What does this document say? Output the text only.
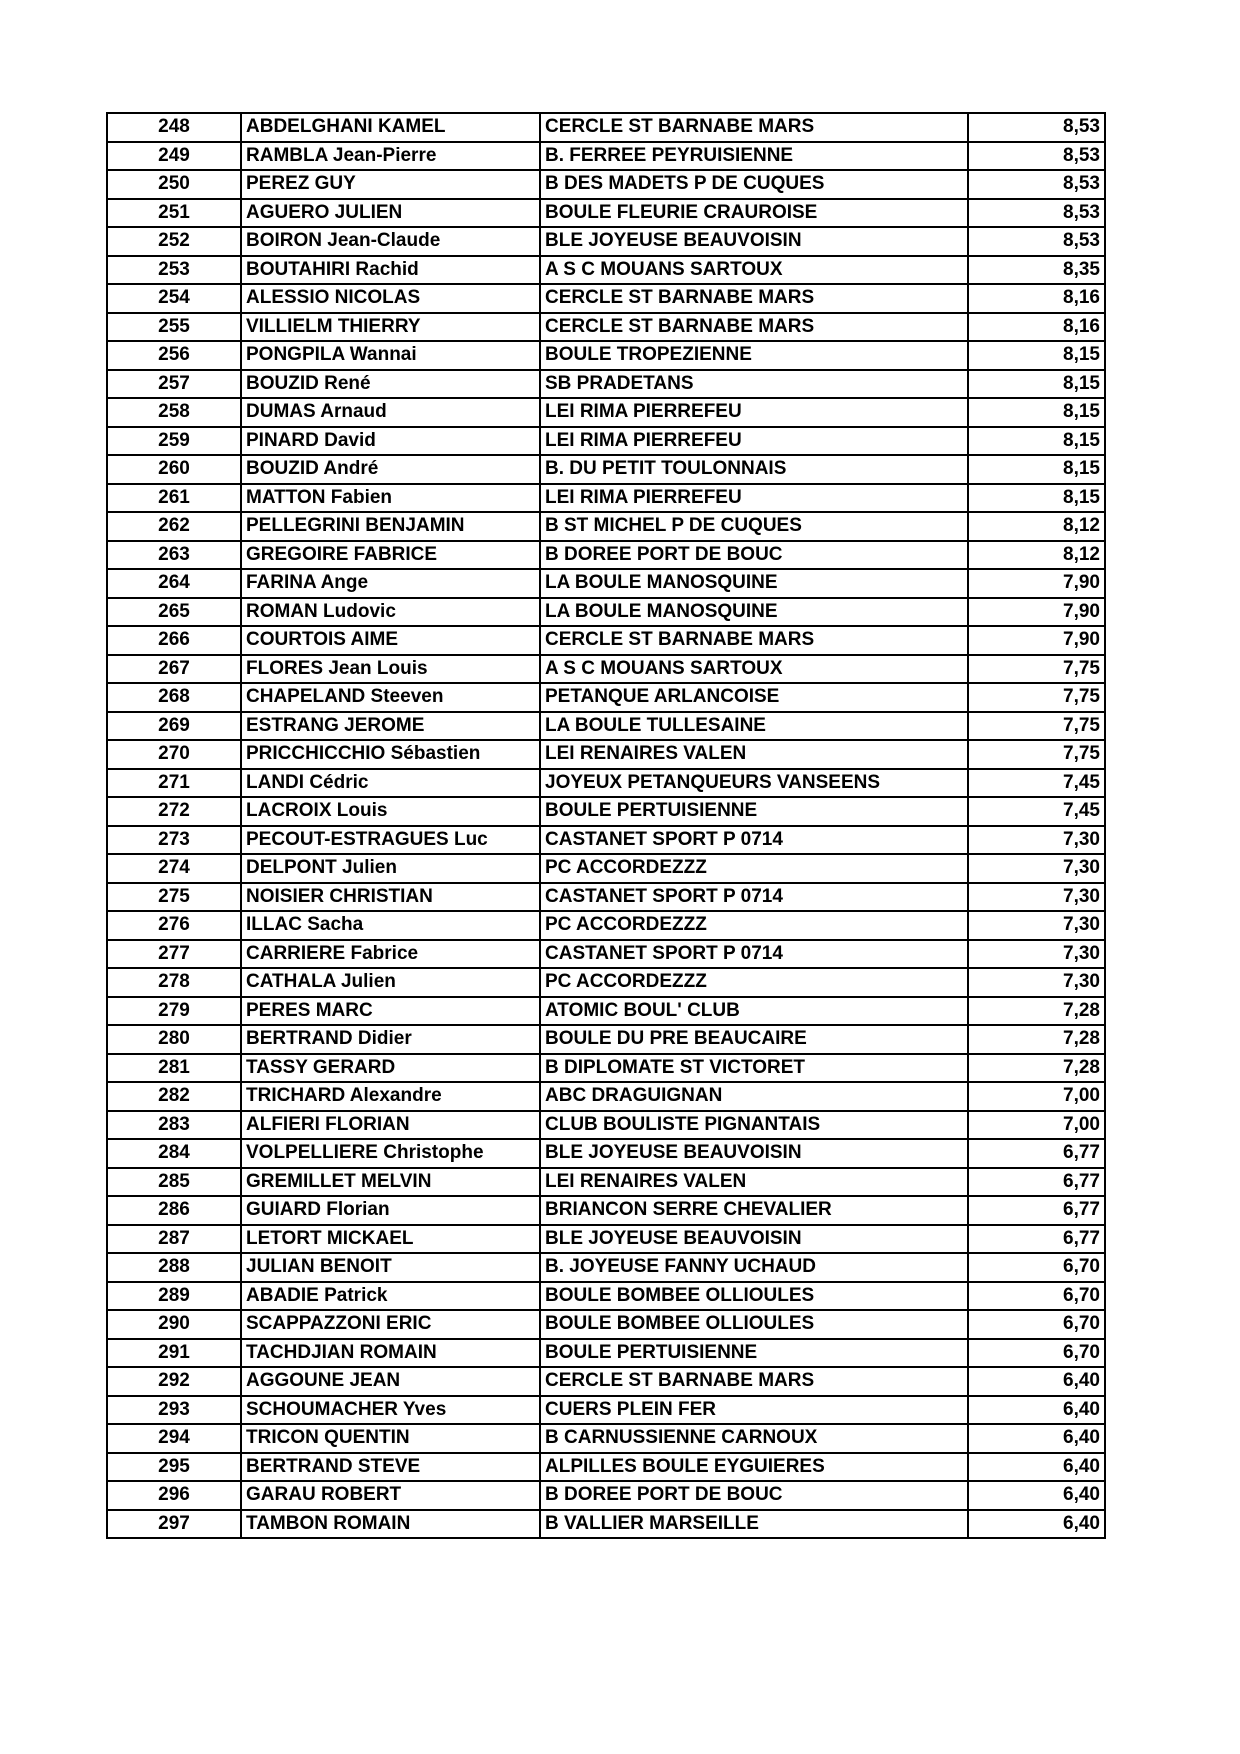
248	ABDELGHANI KAMEL	CERCLE ST BARNABE MARS	8,53
249	RAMBLA Jean-Pierre	B. FERREE PEYRUISIENNE	8,53
250	PEREZ GUY	B DES MADETS P DE CUQUES	8,53
251	AGUERO JULIEN	BOULE FLEURIE CRAUROISE	8,53
252	BOIRON Jean-Claude	BLE JOYEUSE BEAUVOISIN	8,53
253	BOUTAHIRI Rachid	A S C MOUANS SARTOUX	8,35
254	ALESSIO NICOLAS	CERCLE ST BARNABE MARS	8,16
255	VILLIELM THIERRY	CERCLE ST BARNABE MARS	8,16
256	PONGPILA Wannai	BOULE TROPEZIENNE	8,15
257	BOUZID René	SB PRADETANS	8,15
258	DUMAS Arnaud	LEI RIMA PIERREFEU	8,15
259	PINARD David	LEI RIMA PIERREFEU	8,15
260	BOUZID André	B. DU PETIT TOULONNAIS	8,15
261	MATTON Fabien	LEI RIMA PIERREFEU	8,15
262	PELLEGRINI BENJAMIN	B ST MICHEL P DE CUQUES	8,12
263	GREGOIRE FABRICE	B DOREE PORT DE BOUC	8,12
264	FARINA Ange	LA BOULE MANOSQUINE	7,90
265	ROMAN Ludovic	LA BOULE MANOSQUINE	7,90
266	COURTOIS AIME	CERCLE ST BARNABE MARS	7,90
267	FLORES Jean Louis	A S C MOUANS SARTOUX	7,75
268	CHAPELAND Steeven	PETANQUE ARLANCOISE	7,75
269	ESTRANG JEROME	LA BOULE TULLESAINE	7,75
270	PRICCHICCHIO Sébastien	LEI RENAIRES VALEN	7,75
271	LANDI Cédric	JOYEUX PETANQUEURS VANSEENS	7,45
272	LACROIX Louis	BOULE PERTUISIENNE	7,45
273	PECOUT-ESTRAGUES Luc	CASTANET SPORT P 0714	7,30
274	DELPONT Julien	PC ACCORDEZZZ	7,30
275	NOISIER CHRISTIAN	CASTANET SPORT P 0714	7,30
276	ILLAC Sacha	PC ACCORDEZZZ	7,30
277	CARRIERE Fabrice	CASTANET SPORT P 0714	7,30
278	CATHALA Julien	PC ACCORDEZZZ	7,30
279	PERES MARC	ATOMIC BOUL' CLUB	7,28
280	BERTRAND Didier	BOULE DU PRE BEAUCAIRE	7,28
281	TASSY GERARD	B DIPLOMATE ST VICTORET	7,28
282	TRICHARD Alexandre	ABC DRAGUIGNAN	7,00
283	ALFIERI FLORIAN	CLUB BOULISTE PIGNANTAIS	7,00
284	VOLPELLIERE Christophe	BLE JOYEUSE BEAUVOISIN	6,77
285	GREMILLET MELVIN	LEI RENAIRES VALEN	6,77
286	GUIARD Florian	BRIANCON SERRE CHEVALIER	6,77
287	LETORT MICKAEL	BLE JOYEUSE BEAUVOISIN	6,77
288	JULIAN BENOIT	B. JOYEUSE FANNY UCHAUD	6,70
289	ABADIE Patrick	BOULE BOMBEE OLLIOULES	6,70
290	SCAPPAZZONI ERIC	BOULE BOMBEE OLLIOULES	6,70
291	TACHDJIAN ROMAIN	BOULE PERTUISIENNE	6,70
292	AGGOUNE JEAN	CERCLE ST BARNABE MARS	6,40
293	SCHOUMACHER Yves	CUERS PLEIN FER	6,40
294	TRICON QUENTIN	B CARNUSSIENNE CARNOUX	6,40
295	BERTRAND STEVE	ALPILLES BOULE EYGUIERES	6,40
296	GARAU ROBERT	B DOREE PORT DE BOUC	6,40
297	TAMBON ROMAIN	B VALLIER MARSEILLE	6,40
